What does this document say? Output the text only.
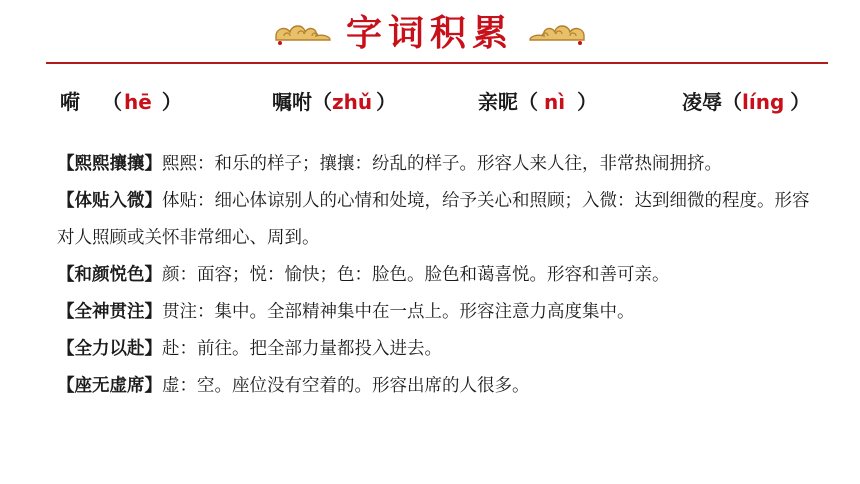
字词积累
嗬 （ hē ）	嘱咐（zhǔ ）	亲昵（ nì ）	凌辱（líng ）

【熙熙攘攘】熙熙：和乐的样子；攘攘：纷乱的样子。形容人来人往，非常热闹拥挤。

【体贴入微】体贴：细心体谅别人的心情和处境，给予关心和照顾；入微：达到细微的程度。形容对人照顾或关怀非常细心、周到。

【和颜悦色】颜：面容；悦：愉快；色：脸色。脸色和蔼喜悦。形容和善可亲。

【全神贯注】贯注：集中。全部精神集中在一点上。形容注意力高度集中。

【全力以赴】赴：前往。把全部力量都投入进去。

【座无虚席】虚：空。座位没有空着的。形容出席的人很多。
